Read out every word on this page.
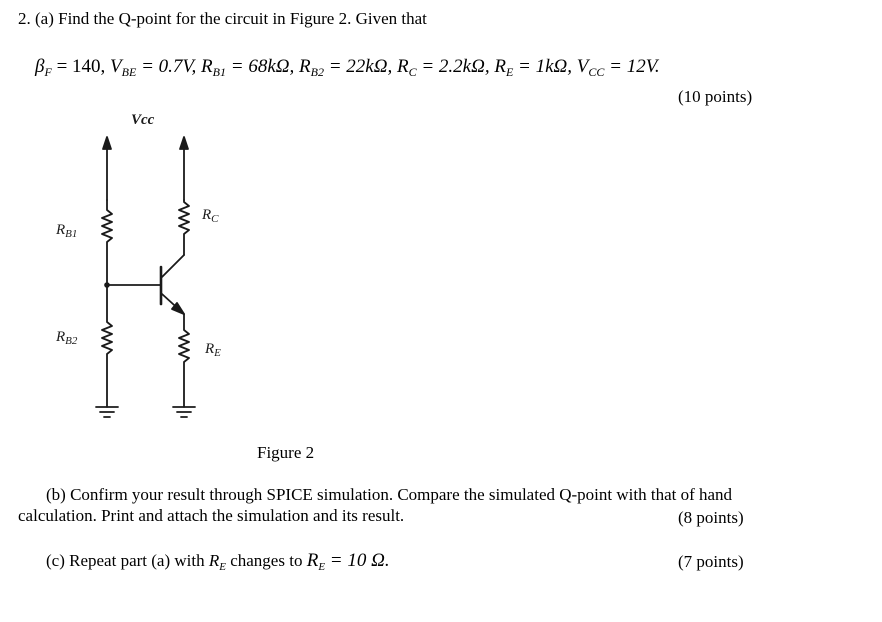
2. (a) Find the Q-point for the circuit in Figure 2. Given that
$\beta_F = 140$, $V_{BE} = 0.7V$, $R_{B1} = 68k\Omega$, $R_{B2} = 22k\Omega$, $R_C = 2.2k\Omega$, $R_E = 1k\Omega$, $V_{CC} = 12V$.
(10 points)
Vcc
$R_{B1}$
$R_{B2}$
$R_C$
$R_E$
Figure 2
(b) Confirm your result through SPICE simulation. Compare the simulated Q-point with that of hand
calculation. Print and attach the simulation and its result.	(8 points)
(c) Repeat part (a) with $R_E$ changes to $R_E = 10$ Ω.	(7 points)
